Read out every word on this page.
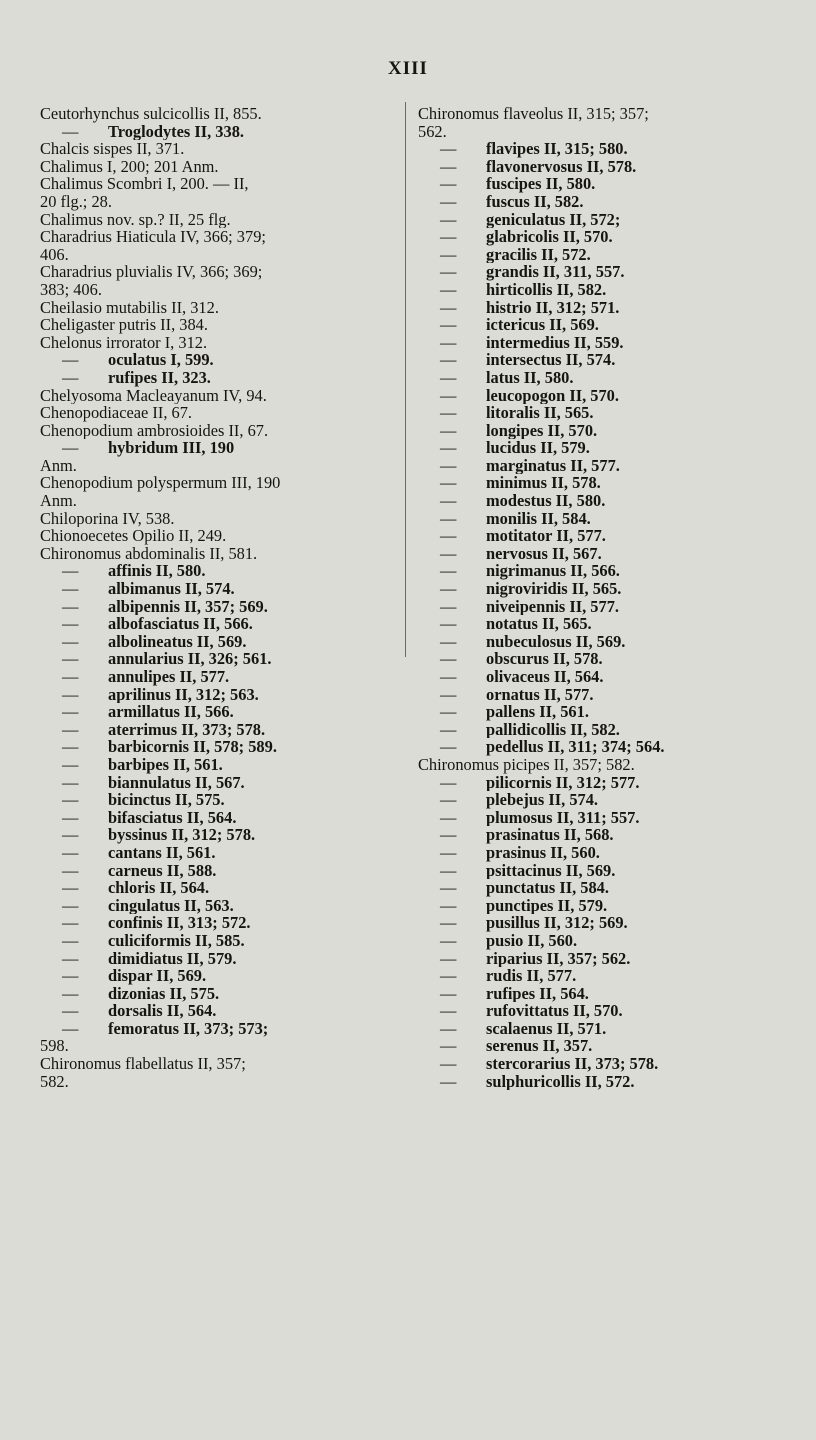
XIII
Ceutorhynchus sulcicollis II, 855.
— Troglodytes II, 338.
Chalcis sispes II, 371.
Chalimus I, 200; 201 Anm.
Chalimus Scombri I, 200. — II,
20 flg.; 28.
Chalimus nov. sp.? II, 25 flg.
Charadrius Hiaticula IV, 366; 379;
406.
Charadrius pluvialis IV, 366; 369;
383; 406.
Cheilasio mutabilis II, 312.
Cheligaster putris II, 384.
Chelonus irrorator I, 312.
— oculatus I, 599.
— rufipes II, 323.
Chelyosoma Macleayanum IV, 94.
Chenopodiaceae II, 67.
Chenopodium ambrosioides II, 67.
— hybridum III, 190
Anm.
Chenopodium polyspermum III, 190
Anm.
Chiloporina IV, 538.
Chionoecetes Opilio II, 249.
Chironomus abdominalis II, 581.
— affinis II, 580.
— albimanus II, 574.
— albipennis II, 357; 569.
— albofasciatus II, 566.
— albolineatus II, 569.
— annularius II, 326; 561.
— annulipes II, 577.
— aprilinus II, 312; 563.
— armillatus II, 566.
— aterrimus II, 373; 578.
— barbicornis II, 578; 589.
— barbipes II, 561.
— biannulatus II, 567.
— bicinctus II, 575.
— bifasciatus II, 564.
— byssinus II, 312; 578.
— cantans II, 561.
— carneus II, 588.
— chloris II, 564.
— cingulatus II, 563.
— confinis II, 313; 572.
— culiciformis II, 585.
— dimidiatus II, 579.
— dispar II, 569.
— dizonias II, 575.
— dorsalis II, 564.
— femoratus II, 373; 573;
598.
Chironomus flabellatus II, 357;
582.
Chironomus flaveolus II, 315; 357;
562.
— flavipes II, 315; 580.
— flavonervosus II, 578.
— fuscipes II, 580.
— fuscus II, 582.
— geniculatus II, 572;
— glabricolis II, 570.
— gracilis II, 572.
— grandis II, 311, 557.
— hirticollis II, 582.
— histrio II, 312; 571.
— ictericus II, 569.
— intermedius II, 559.
— intersectus II, 574.
— latus II, 580.
— leucopogon II, 570.
— litoralis II, 565.
— longipes II, 570.
— lucidus II, 579.
— marginatus II, 577.
— minimus II, 578.
— modestus II, 580.
— monilis II, 584.
— motitator II, 577.
— nervosus II, 567.
— nigrimanus II, 566.
— nigroviridis II, 565.
— niveipennis II, 577.
— notatus II, 565.
— nubeculosus II, 569.
— obscurus II, 578.
— olivaceus II, 564.
— ornatus II, 577.
— pallens II, 561.
— pallidicollis II, 582.
— pedellus II, 311; 374; 564.
Chironomus picipes II, 357; 582.
— pilicornis II, 312; 577.
— plebejus II, 574.
— plumosus II, 311; 557.
— prasinatus II, 568.
— prasinus II, 560.
— psittacinus II, 569.
— punctatus II, 584.
— punctipes II, 579.
— pusillus II, 312; 569.
— pusio II, 560.
— riparius II, 357; 562.
— rudis II, 577.
— rufipes II, 564.
— rufovittatus II, 570.
— scalaenus II, 571.
— serenus II, 357.
— stercorarius II, 373; 578.
— sulphuricollis II, 572.
